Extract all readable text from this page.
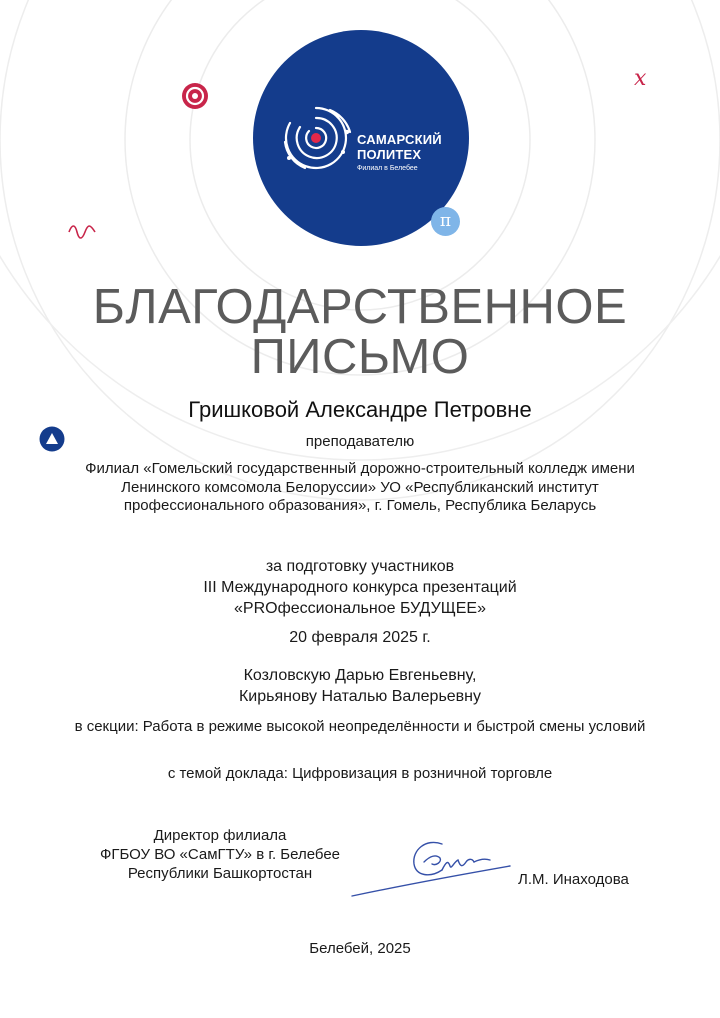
САМАРСКИЙ
ПОЛИТЕХ
Филиал в Белебее
π
x
БЛАГОДАРСТВЕННОЕ
ПИСЬМО
Гришковой Александре Петровне
преподавателю
Филиал «Гомельский государственный дорожно-строительный колледж имени Ленинского комсомола Белоруссии» УО «Республиканский институт профессионального образования», г. Гомель, Республика Беларусь
за подготовку участников
III Международного конкурса презентаций
«PROфессиональное БУДУЩЕЕ»
20 февраля 2025 г.
Козловскую Дарью Евгеньевну,
Кирьянову Наталью Валерьевну
в секции: Работа в режиме высокой неопределённости и быстрой смены условий
с темой доклада: Цифровизация в розничной торговле
Директор филиала
ФГБОУ ВО «СамГТУ» в г. Белебее
Республики Башкортостан	Л.М. Инаходова
Белебей, 2025
